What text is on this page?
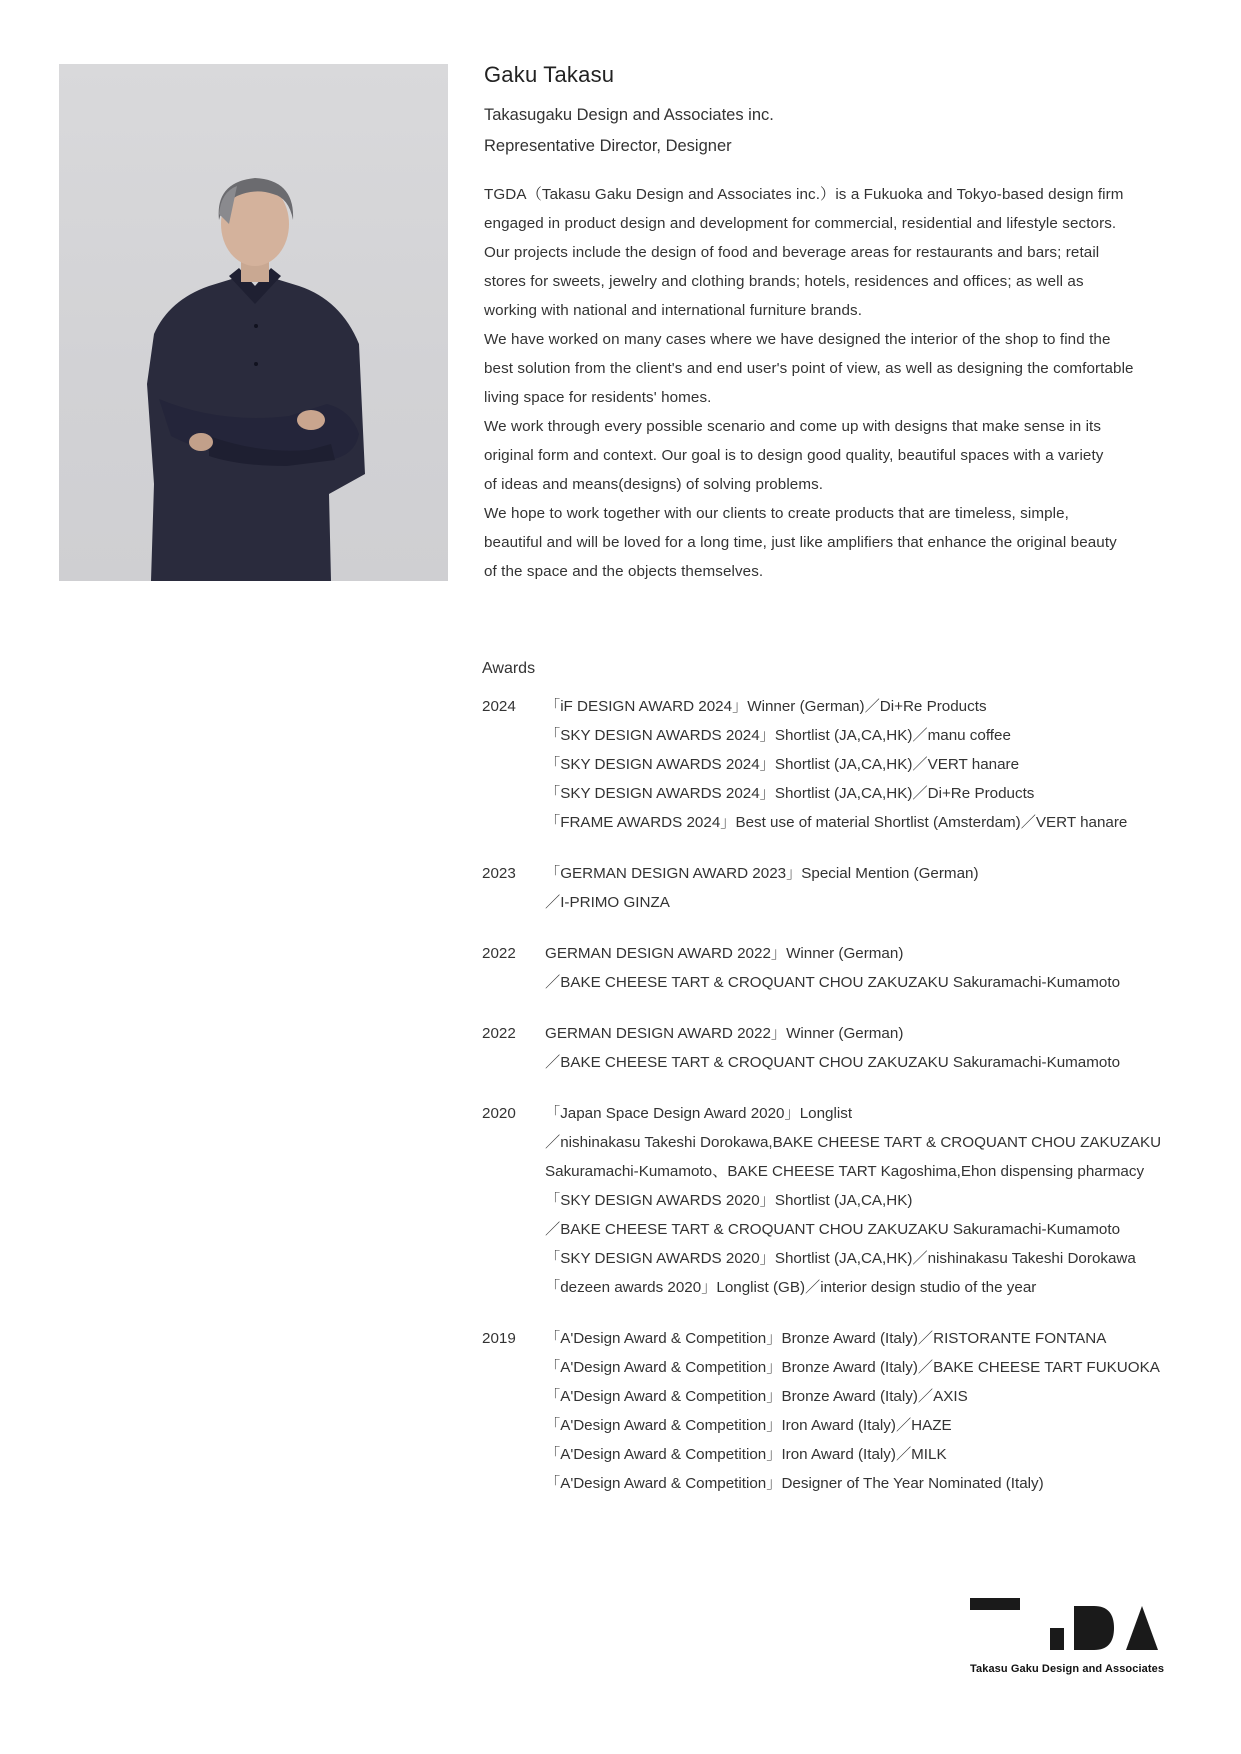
Gaku Takasu
Takasugaku Design and Associates inc.
Representative Director, Designer

TGDA（Takasu Gaku Design and Associates inc.）is a Fukuoka and Tokyo-based design firm

engaged in product design and development for commercial, residential and lifestyle sectors.

Our projects include the design of food and beverage areas for restaurants and bars; retail

stores for sweets, jewelry and clothing brands; hotels, residences and offices; as well as

working with national and international furniture brands.

We have worked on many cases where we have designed the interior of the shop to find the

best solution from the client's and end user's point of view, as well as designing the comfortable

living space for residents' homes.

We work through every possible scenario and come up with designs that make sense in its

original form and context. Our goal is to design good quality, beautiful spaces with a variety

of ideas and means(designs) of solving problems.

We hope to work together with our clients to create products that are timeless, simple,

beautiful and will be loved for a long time, just like amplifiers that enhance the original beauty

of the space and the objects themselves.

Awards
2024	「iF DESIGN AWARD 2024」Winner (German)／Di+Re Products
「SKY DESIGN AWARDS 2024」Shortlist (JA,CA,HK)／manu coffee
「SKY DESIGN AWARDS 2024」Shortlist (JA,CA,HK)／VERT hanare
「SKY DESIGN AWARDS 2024」Shortlist (JA,CA,HK)／Di+Re Products
「FRAME AWARDS 2024」Best use of material Shortlist (Amsterdam)／VERT hanare
2023	「GERMAN DESIGN AWARD 2023」Special Mention (German)
／I-PRIMO GINZA
2022	GERMAN DESIGN AWARD 2022」Winner (German)
／BAKE CHEESE TART & CROQUANT CHOU ZAKUZAKU Sakuramachi-Kumamoto
2022	GERMAN DESIGN AWARD 2022」Winner (German)
／BAKE CHEESE TART & CROQUANT CHOU ZAKUZAKU Sakuramachi-Kumamoto
2020	「Japan Space Design Award 2020」Longlist
／nishinakasu Takeshi Dorokawa,BAKE CHEESE TART & CROQUANT CHOU ZAKUZAKU
Sakuramachi-Kumamoto、BAKE CHEESE TART Kagoshima,Ehon dispensing pharmacy
「SKY DESIGN AWARDS 2020」Shortlist (JA,CA,HK)
／BAKE CHEESE TART & CROQUANT CHOU ZAKUZAKU Sakuramachi-Kumamoto
「SKY DESIGN AWARDS 2020」Shortlist (JA,CA,HK)／nishinakasu Takeshi Dorokawa
「dezeen awards 2020」Longlist (GB)／interior design studio of the year
2019	「A'Design Award & Competition」Bronze Award (Italy)／RISTORANTE FONTANA
「A'Design Award & Competition」Bronze Award (Italy)／BAKE CHEESE TART FUKUOKA
「A'Design Award & Competition」Bronze Award (Italy)／AXIS
「A'Design Award & Competition」Iron Award (Italy)／HAZE
「A'Design Award & Competition」Iron Award (Italy)／MILK
「A'Design Award & Competition」Designer of The Year Nominated (Italy)
Takasu Gaku Design and Associates
